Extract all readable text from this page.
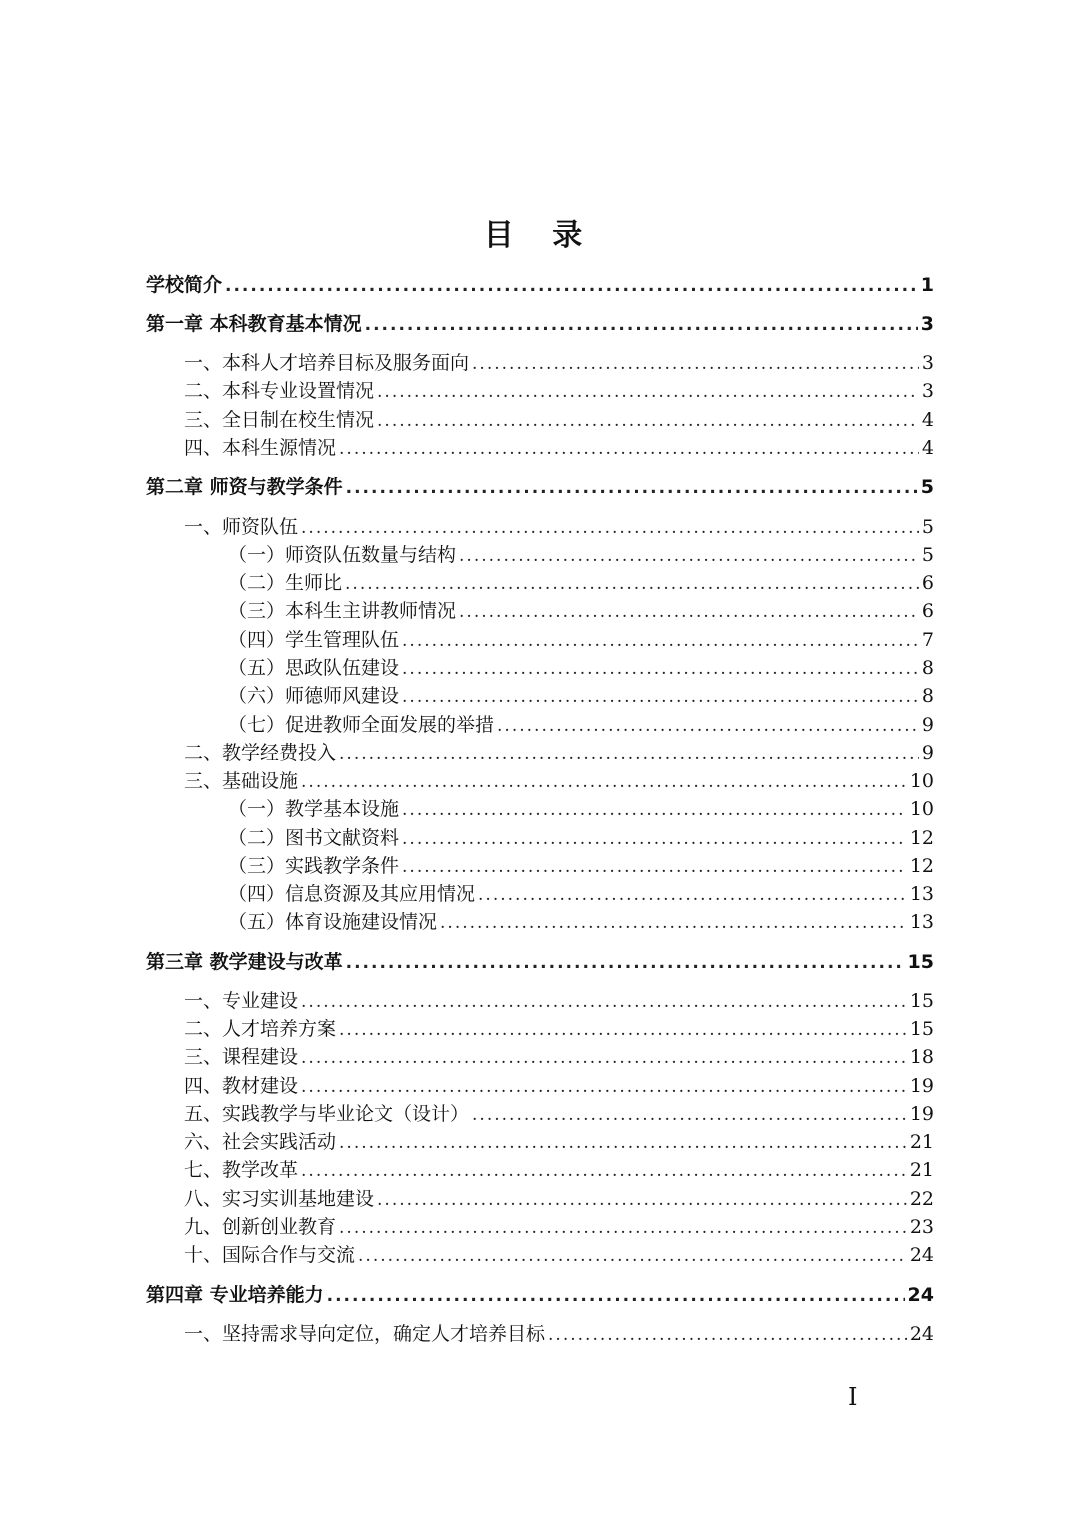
目 录
学校简介 .....	1
第一章 本科教育基本情况 .....	3
一、本科人才培养目标及服务面向 .....	3
二、本科专业设置情况 .....	3
三、全日制在校生情况 .....	4
四、本科生源情况 .....	4
第二章 师资与教学条件 .....	5
一、师资队伍 .....	5
（一）师资队伍数量与结构 .....	5
（二）生师比 .....	6
（三）本科生主讲教师情况 .....	6
（四）学生管理队伍 .....	7
（五）思政队伍建设 .....	8
（六）师德师风建设 .....	8
（七）促进教师全面发展的举措 .....	9
二、教学经费投入 .....	9
三、基础设施 .....	10
（一）教学基本设施 .....	10
（二）图书文献资料 .....	12
（三）实践教学条件 .....	12
（四）信息资源及其应用情况 .....	13
（五）体育设施建设情况 .....	13
第三章 教学建设与改革 .....	15
一、专业建设 .....	15
二、人才培养方案 .....	15
三、课程建设 .....	18
四、教材建设 .....	19
五、实践教学与毕业论文（设计） .....	19
六、社会实践活动 .....	21
七、教学改革 .....	21
八、实习实训基地建设 .....	22
九、创新创业教育 .....	23
十、国际合作与交流 .....	24
第四章 专业培养能力 .....	24
一、坚持需求导向定位，确定人才培养目标 .....	24
I
